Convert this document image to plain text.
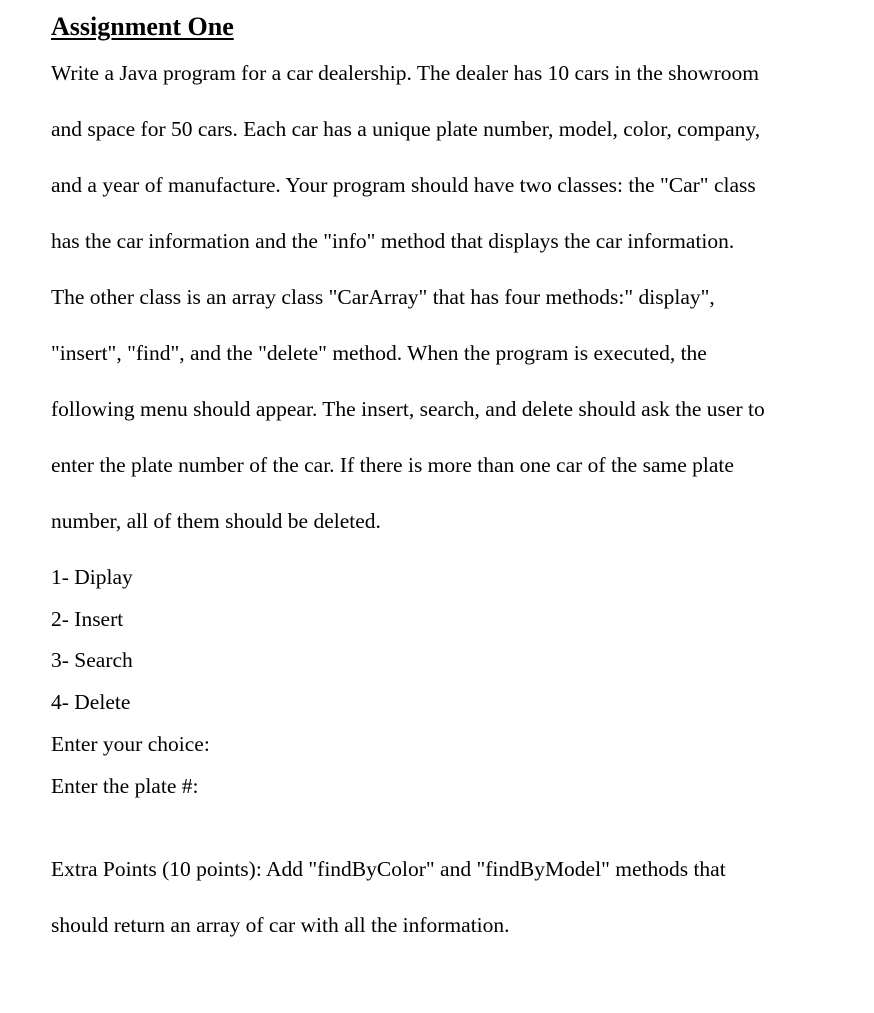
Assignment One

Write a Java program for a car dealership. The dealer has 10 cars in the showroom

and space for 50 cars. Each car has a unique plate number, model, color, company,

and a year of manufacture. Your program should have two classes: the "Car" class

has the car information and the "info" method that displays the car information.

The other class is an array class "CarArray" that has four methods:" display",

"insert", "find", and the "delete" method. When the program is executed, the

following menu should appear. The insert, search, and delete should ask the user to

enter the plate number of the car. If there is more than one car of the same plate

number, all of them should be deleted.

1- Diplay

2- Insert

3- Search

4- Delete

Enter your choice:

Enter the plate #:

Extra Points (10 points): Add "findByColor" and "findByModel" methods that

should return an array of car with all the information.
